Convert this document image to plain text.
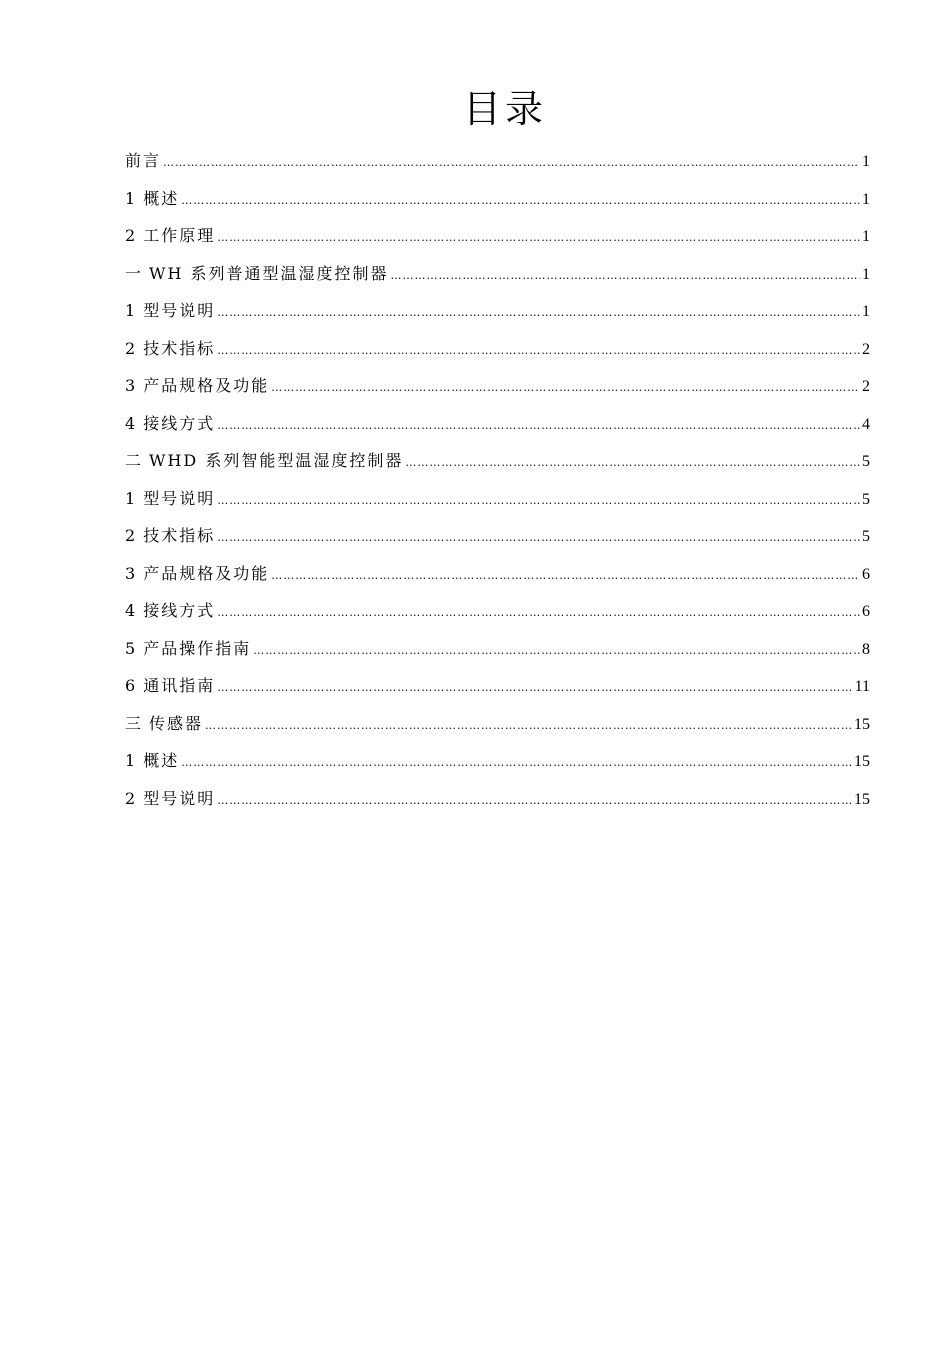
目录
前言 ……………………………………………………………………………………………………………………………………………………………………………………………………………………	1
1 概述 ……………………………………………………………………………………………………………………………………………………………………………………………………………………	1
2 工作原理 ……………………………………………………………………………………………………………………………………………………………………………………………………………………	1
一 WH 系列普通型温湿度控制器 ……………………………………………………………………………………………………………………………………………………………………………………………………………………	1
1 型号说明 ……………………………………………………………………………………………………………………………………………………………………………………………………………………	1
2 技术指标 ……………………………………………………………………………………………………………………………………………………………………………………………………………………	2
3 产品规格及功能 ……………………………………………………………………………………………………………………………………………………………………………………………………………………	2
4 接线方式 ……………………………………………………………………………………………………………………………………………………………………………………………………………………	4
二 WHD 系列智能型温湿度控制器 ……………………………………………………………………………………………………………………………………………………………………………………………………………………	5
1 型号说明 ……………………………………………………………………………………………………………………………………………………………………………………………………………………	5
2 技术指标 ……………………………………………………………………………………………………………………………………………………………………………………………………………………	5
3 产品规格及功能 ……………………………………………………………………………………………………………………………………………………………………………………………………………………	6
4 接线方式 ……………………………………………………………………………………………………………………………………………………………………………………………………………………	6
5 产品操作指南 ……………………………………………………………………………………………………………………………………………………………………………………………………………………	8
6 通讯指南 ……………………………………………………………………………………………………………………………………………………………………………………………………………………	11
三 传感器 ……………………………………………………………………………………………………………………………………………………………………………………………………………………	15
1 概述 ……………………………………………………………………………………………………………………………………………………………………………………………………………………	15
2 型号说明 ……………………………………………………………………………………………………………………………………………………………………………………………………………………	15
